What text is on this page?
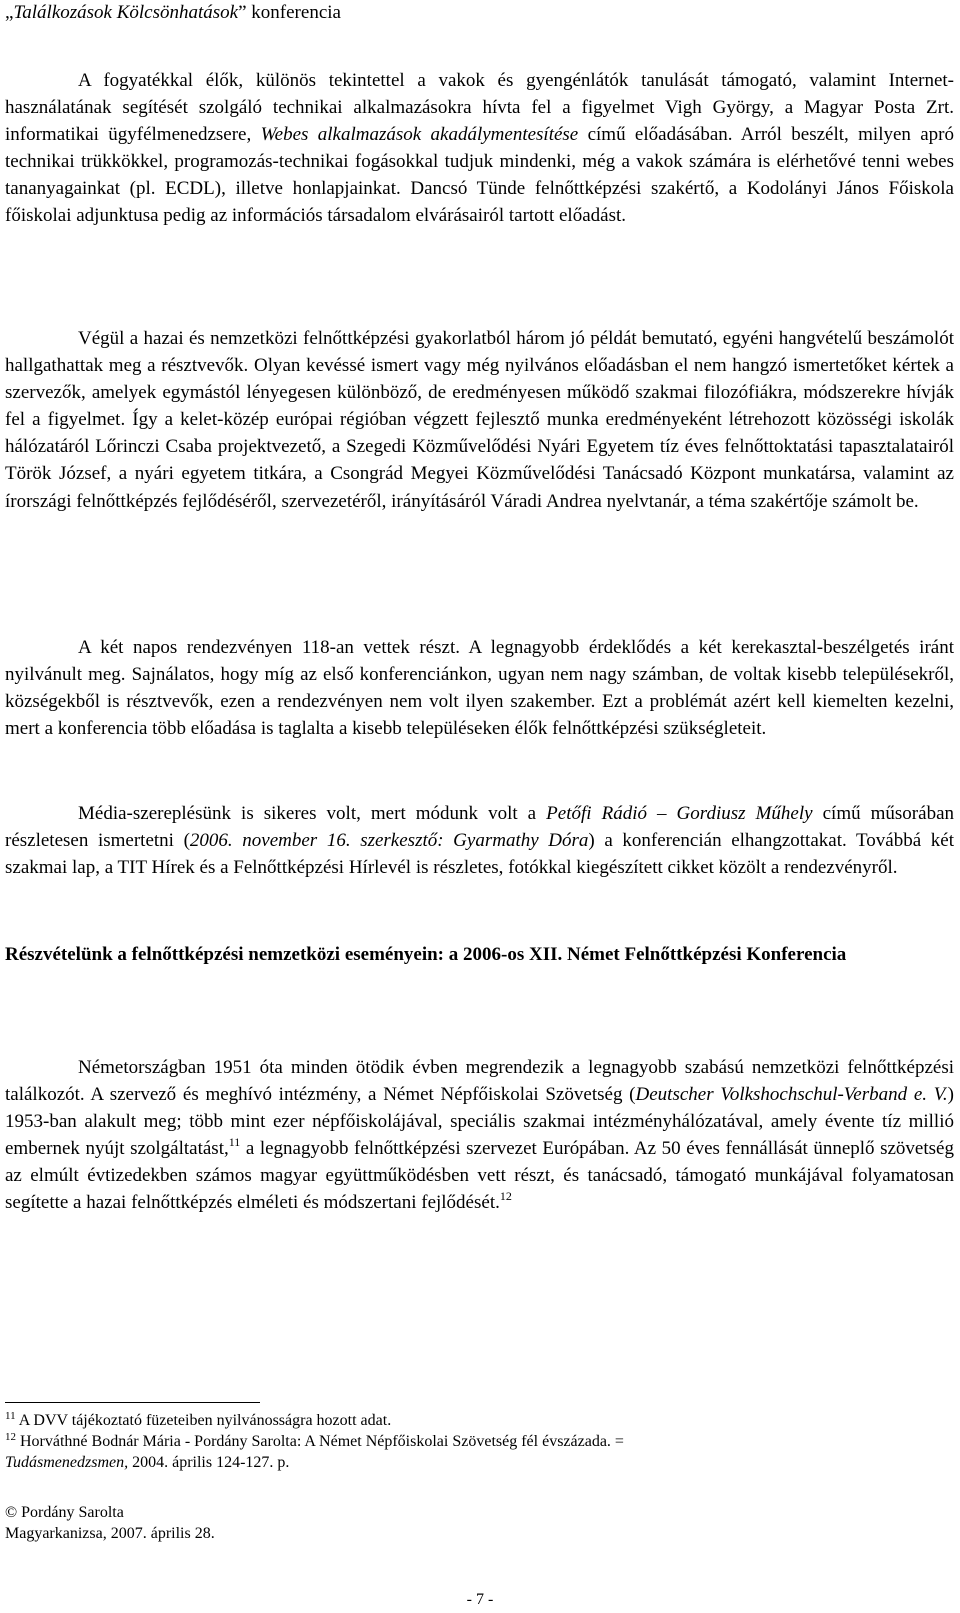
„Találkozások Kölcsönhatások” konferencia

A fogyatékkal élők, különös tekintettel a vakok és gyengénlátók tanulását támogató, valamint Internet-használatának segítését szolgáló technikai alkalmazásokra hívta fel a figyelmet Vigh György, a Magyar Posta Zrt. informatikai ügyfélmenedzsere, Webes alkalmazások akadálymentesítése című előadásában. Arról beszélt, milyen apró technikai trükkökkel, programozás-technikai fogásokkal tudjuk mindenki, még a vakok számára is elérhetővé tenni webes tananyagainkat (pl. ECDL), illetve honlapjainkat. Dancsó Tünde felnőttképzési szakértő, a Kodolányi János Főiskola főiskolai adjunktusa pedig az információs társadalom elvárásairól tartott előadást.

Végül a hazai és nemzetközi felnőttképzési gyakorlatból három jó példát bemutató, egyéni hangvételű beszámolót hallgathattak meg a résztvevők. Olyan kevéssé ismert vagy még nyilvános előadásban el nem hangzó ismertetőket kértek a szervezők, amelyek egymástól lényegesen különböző, de eredményesen működő szakmai filozófiákra, módszerekre hívják fel a figyelmet. Így a kelet-közép európai régióban végzett fejlesztő munka eredményeként létrehozott közösségi iskolák hálózatáról Lőrinczi Csaba projektvezető, a Szegedi Közművelődési Nyári Egyetem tíz éves felnőttoktatási tapasztalatairól Török József, a nyári egyetem titkára, a Csongrád Megyei Közművelődési Tanácsadó Központ munkatársa, valamint az írországi felnőttképzés fejlődéséről, szervezetéről, irányításáról Váradi Andrea nyelvtanár, a téma szakértője számolt be.

A két napos rendezvényen 118-an vettek részt. A legnagyobb érdeklődés a két kerekasztal-beszélgetés iránt nyilvánult meg. Sajnálatos, hogy míg az első konferenciánkon, ugyan nem nagy számban, de voltak kisebb településekről, községekből is résztvevők, ezen a rendezvényen nem volt ilyen szakember. Ezt a problémát azért kell kiemelten kezelni, mert a konferencia több előadása is taglalta a kisebb településeken élők felnőttképzési szükségleteit.

Média-szereplésünk is sikeres volt, mert módunk volt a Petőfi Rádió – Gordiusz Műhely című műsorában részletesen ismertetni (2006. november 16. szerkesztő: Gyarmathy Dóra) a konferencián elhangzottakat. Továbbá két szakmai lap, a TIT Hírek és a Felnőttképzési Hírlevél is részletes, fotókkal kiegészített cikket közölt a rendezvényről.

Részvételünk a felnőttképzési nemzetközi eseményein: a 2006-os XII. Német Felnőttképzési Konferencia

Németországban 1951 óta minden ötödik évben megrendezik a legnagyobb szabású nemzetközi felnőttképzési találkozót. A szervező és meghívó intézmény, a Német Népfőiskolai Szövetség (Deutscher Volkshochschul-Verband e. V.) 1953-ban alakult meg; több mint ezer népfőiskolájával, speciális szakmai intézményhálózatával, amely évente tíz millió embernek nyújt szolgáltatást,$^{11}$ a legnagyobb felnőttképzési szervezet Európában. Az 50 éves fennállását ünneplő szövetség az elmúlt évtizedekben számos magyar együttműködésben vett részt, és tanácsadó, támogató munkájával folyamatosan segítette a hazai felnőttképzés elméleti és módszertani fejlődését.$^{12}$

$^{11}$ A DVV tájékoztató füzeteiben nyilvánosságra hozott adat.

$^{12}$ Horváthné Bodnár Mária - Pordány Sarolta: A Német Népfőiskolai Szövetség fél évszázada. =
Tudásmenedzsmen, 2004. április 124-127. p.

© Pordány Sarolta

Magyarkanizsa, 2007. április 28.

- 7 -
